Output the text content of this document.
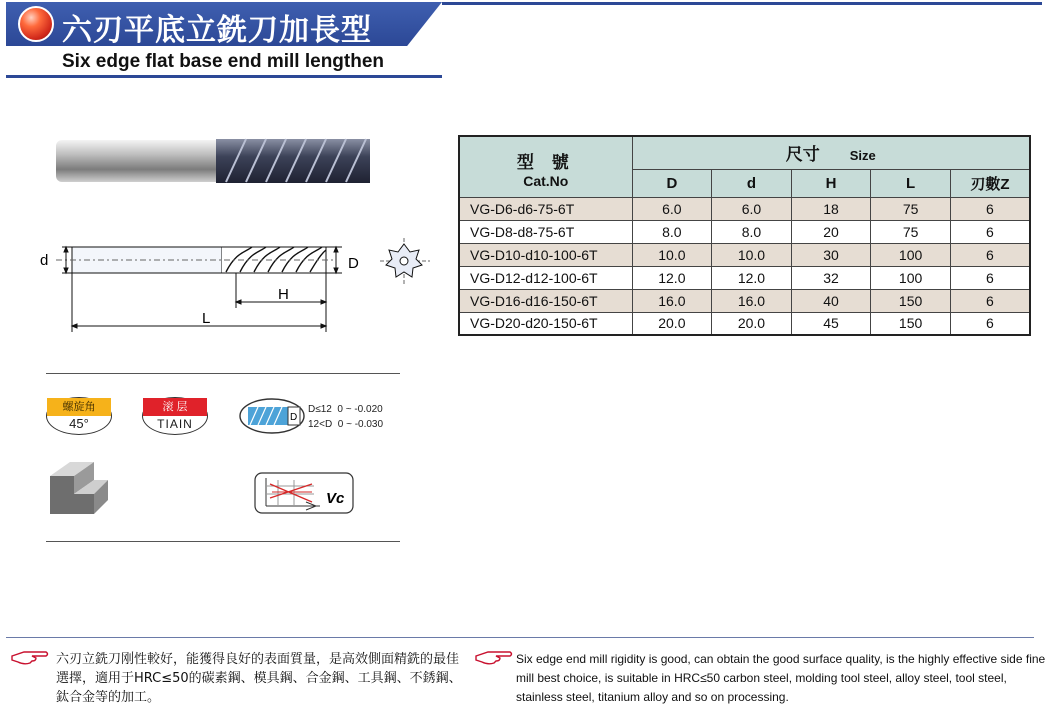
六刃平底立銑刀加長型
Six edge flat base end mill lengthen
d	D
H
L
型 號
Cat.No	尺寸 Size				
	D	d	H	L	刃數Z
VG-D6-d6-75-6T	6.0	6.0	18	75	6
VG-D8-d8-75-6T	8.0	8.0	20	75	6
VG-D10-d10-100-6T	10.0	10.0	30	100	6
VG-D12-d12-100-6T	12.0	12.0	32	100	6
VG-D16-d16-150-6T	16.0	16.0	40	150	6
VG-D20-d20-150-6T	20.0	20.0	45	150	6
螺旋角
45°
滚 层
TIAIN	D
D≤12  0 ~ -0.020
12<D  0 ~ -0.030
Vc
六刃立銑刀刚性較好，能獲得良好的表面質量，是高效側面精銑的最佳選擇，適用于HRC≤50的碳素鋼、模具鋼、合金鋼、工具鋼、不銹鋼、鈦合金等的加工。
Six edge end mill rigidity is good, can obtain the good surface quality, is the highly effective side fine mill best choice, is suitable in HRC≤50 carbon steel, molding tool steel, alloy steel, tool steel, stainless steel, titanium alloy and so on processing.
